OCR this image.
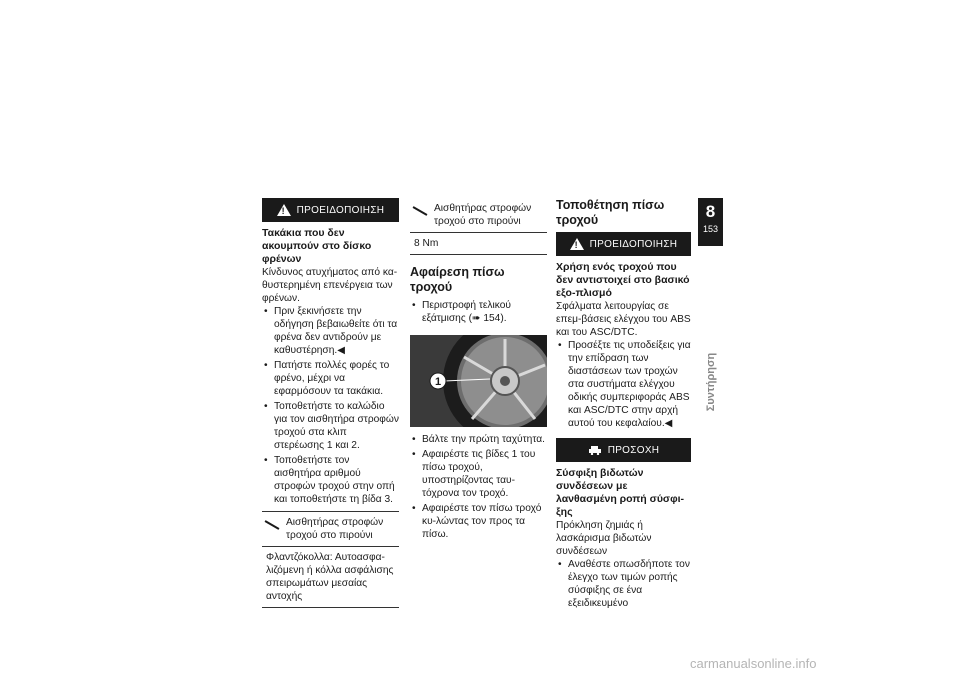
!
ΠΡΟΕΙΔΟΠΟΙΗΣΗ
Τακάκια που δεν ακουμπούν στο δίσκο φρένων

Κίνδυνος ατυχήματος από κα-θυστερημένη επενέργεια των φρένων.

• Πριν ξεκινήσετε την οδήγηση βεβαιωθείτε ότι τα φρένα δεν αντιδρούν με καθυστέρηση.◀
• Πατήστε πολλές φορές το φρένο, μέχρι να εφαρμόσουν τα τακάκια.
• Τοποθετήστε το καλώδιο για τον αισθητήρα στροφών τροχού στα κλιπ στερέωσης 1 και 2.
• Τοποθετήστε τον αισθητήρα αριθμού στροφών τροχού στην οπή και τοποθετήστε τη βίδα 3.
Αισθητήρας στροφών τροχού στο πιρούνι
Φλαντζόκολλα: Αυτοασφα-λιζόμενη ή κόλλα ασφάλισης σπειρωμάτων μεσαίας αντοχής
Αισθητήρας στροφών τροχού στο πιρούνι
8 Nm
Αφαίρεση πίσω τροχού
• Περιστροφή τελικού εξάτμισης (➠ 154).
1
• Βάλτε την πρώτη ταχύτητα.
• Αφαιρέστε τις βίδες 1 του πίσω τροχού, υποστηρίζοντας ταυ-τόχρονα τον τροχό.
• Αφαιρέστε τον πίσω τροχό κυ-λώντας τον προς τα πίσω.
Τοποθέτηση πίσω τροχού
!
ΠΡΟΕΙΔΟΠΟΙΗΣΗ
Χρήση ενός τροχού που δεν αντιστοιχεί στο βασικό εξο-πλισμό

Σφάλματα λειτουργίας σε επεμ-βάσεις ελέγχου του ABS και του ASC/DTC.

• Προσέξτε τις υποδείξεις για την επίδραση των διαστάσεων των τροχών στα συστήματα ελέγχου οδικής συμπεριφοράς ABS και ASC/DTC στην αρχή αυτού του κεφαλαίου.◀
ΠΡΟΣΟΧΗ
Σύσφιξη βιδωτών συνδέσεων με λανθασμένη ροπή σύσφι-ξης

Πρόκληση ζημιάς ή λασκάρισμα βιδωτών συνδέσεων

• Αναθέστε οπωσδήποτε τον έλεγχο των τιμών ροπής σύσφιξης σε ένα εξειδικευμένο
8
153
Συντήρηση
carmanualsonline.info
